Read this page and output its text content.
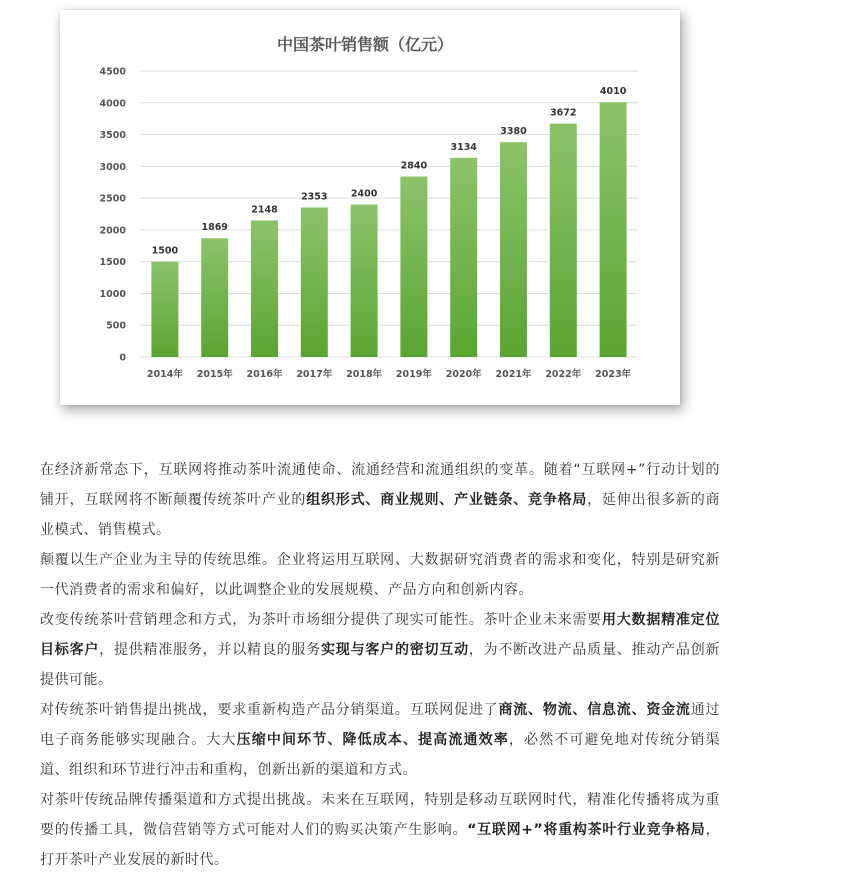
中国茶叶销售额（亿元）
0
500
1000
1500
2000
2500
3000
3500
4000
4500
1500
1869
2148
2353 2400
2840
3134
3380
3672
4010
2014年 2015年 2016年 2017年 2018年 2019年 2020年 2021年 2022年 2023年

在经济新常态下，互联网将推动茶叶流通使命、流通经营和流通组织的变革。随着“互联网+”行动计划的铺开，互联网将不断颠覆传统茶叶产业的组织形式、商业规则、产业链条、竞争格局，延伸出很多新的商业模式、销售模式。

颠覆以生产企业为主导的传统思维。企业将运用互联网、大数据研究消费者的需求和变化，特别是研究新一代消费者的需求和偏好，以此调整企业的发展规模、产品方向和创新内容。

改变传统茶叶营销理念和方式，为茶叶市场细分提供了现实可能性。茶叶企业未来需要用大数据精准定位目标客户，提供精准服务，并以精良的服务实现与客户的密切互动，为不断改进产品质量、推动产品创新提供可能。

对传统茶叶销售提出挑战，要求重新构造产品分销渠道。互联网促进了商流、物流、信息流、资金流通过电子商务能够实现融合。大大压缩中间环节、降低成本、提高流通效率，必然不可避免地对传统分销渠道、组织和环节进行冲击和重构，创新出新的渠道和方式。

对茶叶传统品牌传播渠道和方式提出挑战。未来在互联网，特别是移动互联网时代，精准化传播将成为重要的传播工具，微信营销等方式可能对人们的购买决策产生影响。“互联网+”将重构茶叶行业竞争格局，打开茶叶产业发展的新时代。
